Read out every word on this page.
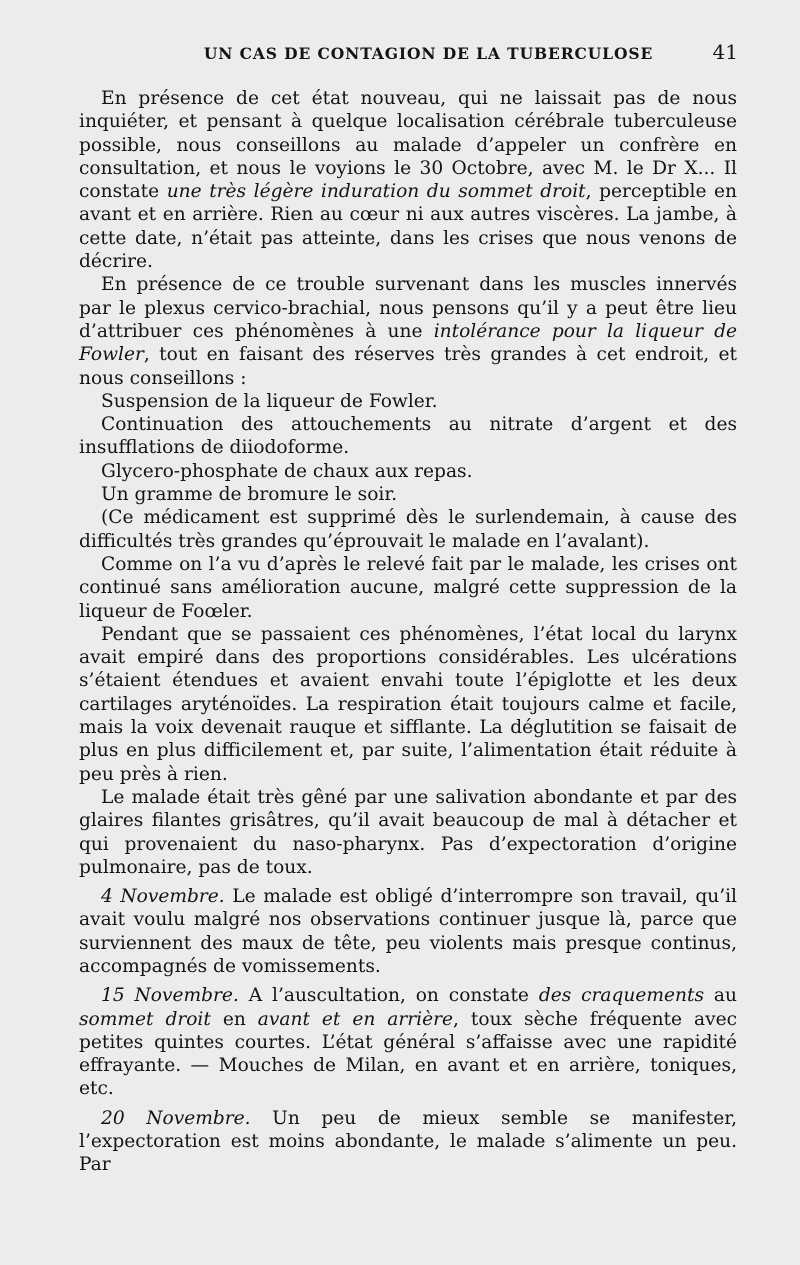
UN CAS DE CONTAGION DE LA TUBERCULOSE	41

En présence de cet état nouveau, qui ne laissait pas de nous inquiéter, et pensant à quelque localisation cérébrale tuberculeuse possible, nous conseillons au malade d’appeler un confrère en consultation, et nous le voyions le 30 Octobre, avec M. le Dr X... Il constate une très légère induration du sommet droit, perceptible en avant et en arrière. Rien au cœur ni aux autres viscères. La jambe, à cette date, n’était pas atteinte, dans les crises que nous venons de décrire.

En présence de ce trouble survenant dans les muscles innervés par le plexus cervico-brachial, nous pensons qu’il y a peut être lieu d’attribuer ces phénomènes à une intolérance pour la liqueur de Fowler, tout en faisant des réserves très grandes à cet endroit, et nous conseillons :

Suspension de la liqueur de Fowler.

Continuation des attouchements au nitrate d’argent et des insufflations de diiodoforme.

Glycero-phosphate de chaux aux repas.

Un gramme de bromure le soir.

(Ce médicament est supprimé dès le surlendemain, à cause des difficultés très grandes qu’éprouvait le malade en l’avalant).

Comme on l’a vu d’après le relevé fait par le malade, les crises ont continué sans amélioration aucune, malgré cette suppression de la liqueur de Foœler.

Pendant que se passaient ces phénomènes, l’état local du larynx avait empiré dans des proportions considérables. Les ulcérations s’étaient étendues et avaient envahi toute l’épiglotte et les deux cartilages aryténoïdes. La respiration était toujours calme et facile, mais la voix devenait rauque et sifflante. La déglutition se faisait de plus en plus difficilement et, par suite, l’alimentation était réduite à peu près à rien.

Le malade était très gêné par une salivation abondante et par des glaires filantes grisâtres, qu’il avait beaucoup de mal à détacher et qui provenaient du naso-pharynx. Pas d’expectoration d’origine pulmonaire, pas de toux.

4 Novembre. Le malade est obligé d’interrompre son travail, qu’il avait voulu malgré nos observations continuer jusque là, parce que surviennent des maux de tête, peu violents mais presque continus, accompagnés de vomissements.

15 Novembre. A l’auscultation, on constate des craquements au sommet droit en avant et en arrière, toux sèche fréquente avec petites quintes courtes. L’état général s’affaisse avec une rapidité effrayante. — Mouches de Milan, en avant et en arrière, toniques, etc.

20 Novembre. Un peu de mieux semble se manifester, l’expectoration est moins abondante, le malade s’alimente un peu. Par
